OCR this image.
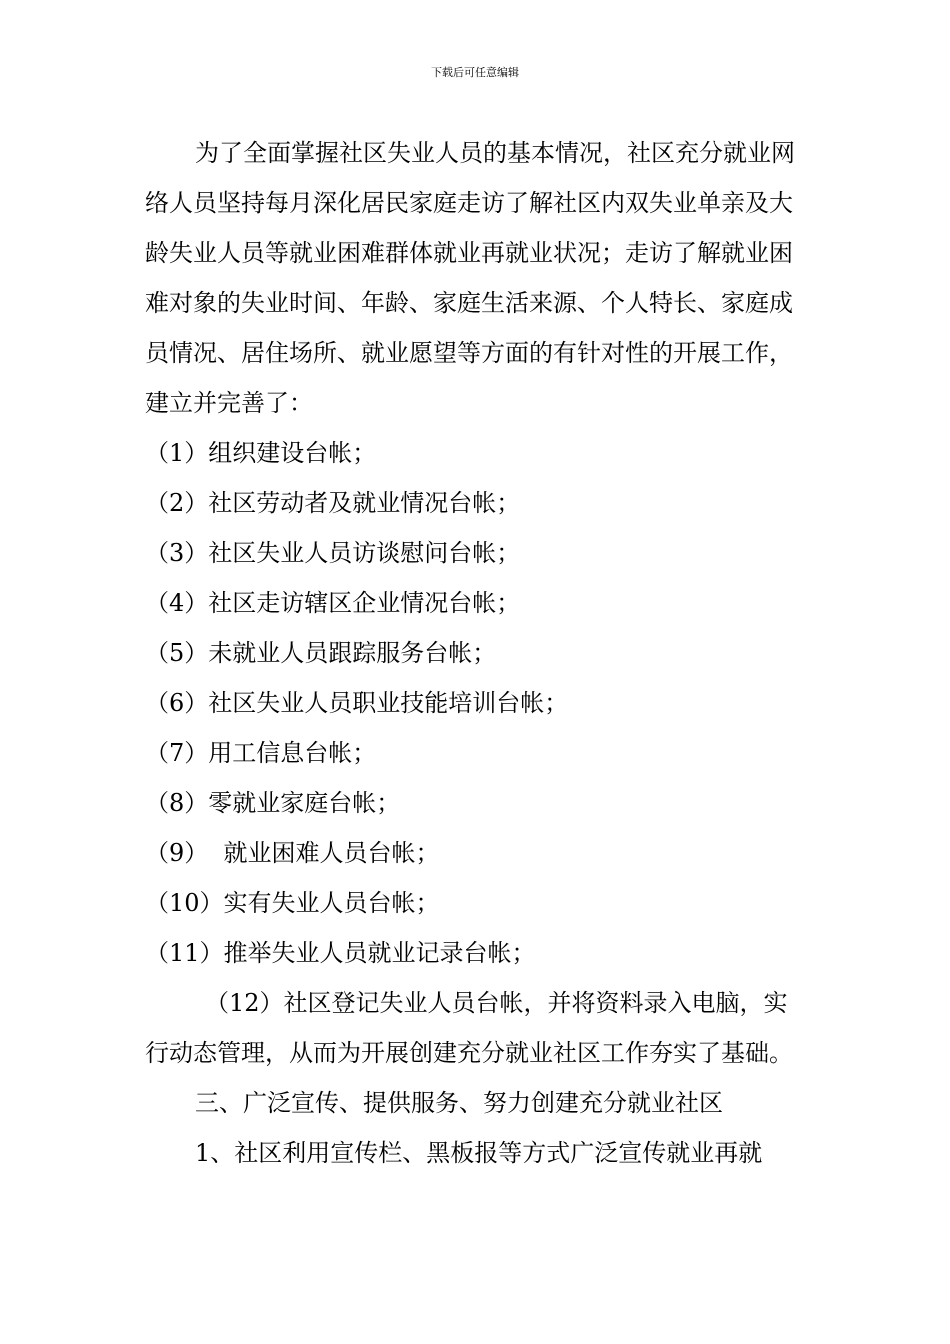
下载后可任意编辑

为了全面掌握社区失业人员的基本情况，社区充分就业网络人员坚持每月深化居民家庭走访了解社区内双失业单亲及大龄失业人员等就业困难群体就业再就业状况；走访了解就业困难对象的失业时间、年龄、家庭生活来源、个人特长、家庭成员情况、居住场所、就业愿望等方面的有针对性的开展工作，建立并完善了：

（1）组织建设台帐；

（2）社区劳动者及就业情况台帐；

（3）社区失业人员访谈慰问台帐；

（4）社区走访辖区企业情况台帐；

（5）未就业人员跟踪服务台帐；

（6）社区失业人员职业技能培训台帐；

（7）用工信息台帐；

（8）零就业家庭台帐；

（9）  就业困难人员台帐；

（10）实有失业人员台帐；

（11）推举失业人员就业记录台帐；

（12）社区登记失业人员台帐，并将资料录入电脑，实行动态管理，从而为开展创建充分就业社区工作夯实了基础。

三、广泛宣传、提供服务、努力创建充分就业社区

1、社区利用宣传栏、黑板报等方式广泛宣传就业再就
